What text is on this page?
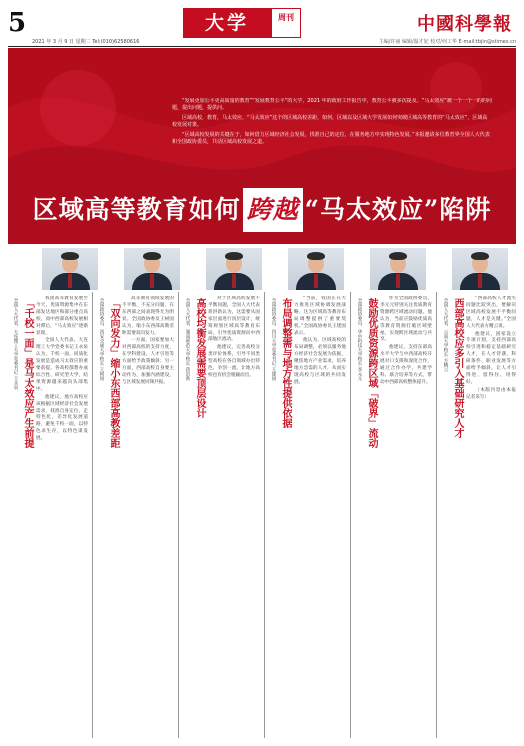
5
2021 年 3 月 9 日 星期二 Tel:(010)62580616
大学	周刊	中國科學報
主编/许丽 编辑/温才妃 校对/何工华 E-mail:tbjin@stimes.cn

“发展更加公平更高质量的教育”“发展教育公平”的大学，2021 年的政府工作报告中，教育公平被多次提及。“马太效应”被一个一个一的的问题，提出问题，提供问。

区域高校，教育，马太效应，“马太效应”这个的区域高校差距，如何，区域以及区域大学发展如何突破区域高等教育的“马太效应”，区域高校发展对策。

“区域高校发展的关键在于，如何借力区域经济社会发展，找准自己的定位，在服务地方中实现特色发展。”本报邀请多位教育界全国人大代表和全国政协委员，共话区域高校发展之道。

区域高等教育如何 跨越 “马太效应”陷阱
「千校一面」是马太效应产生前提
全国人大代表、大连理工大学党委书记 王永泉	我国高等教育发展至今天，优质资源集中在东部发达地区和部分重点高校，而中西部高校发展相对滞后，“马太效应”逐渐显现。

全国人大代表、大连理工大学党委书记王永泉认为，千校一面、同质化发展是造成马太效应的重要前提。各高校都想办成综合性、研究型大学，结果资源越来越向头部集中。

他建议，地方高校应该根据区域经济社会发展需求，找准自身定位，走特色化、差异化发展道路，避免千校一面，以特色求生存，以特色谋发展。	「双向发力」缩小东西部高教差距
全国政协委员、西安交通大学校长 王树国	高等教育领域发展的不平衡，不充分问题，在东西部之间表现得尤为明显。全国政协委员王树国认为，缩小东西部高教差距需要双向发力。

一方面，国家要加大对西部高校的支持力度，在学科建设、人才引进等方面给予政策倾斜；另一方面，西部高校自身要主动作为，加强内涵建设，与区域发展同频共振。	高校均衡发展需要顶层设计
全国人大代表、湖南师范大学校长 蒋洪新	对于区域高校发展不平衡问题，全国人大代表蒋洪新认为，这需要从国家层面进行顶层设计，统筹规划区域高等教育布局，引导优质资源向中西部地区流动。

他建议，完善高校分类评价体系，引导不同类型高校在各自领域办出特色、争创一流，让地方高校也有机会脱颖而出。	布局调整需与地方性提供依据
全国政协委员、四川大学党委书记 王建国	“当前，我国正在大力推进区域协调发展战略，这为区域高等教育布局调整提供了重要契机。”全国政协委员王建国表示。

他认为，区域高校的布局调整，必须以服务地方经济社会发展为依据，聚焦地方产业需求，培养地方急需的人才，从而实现高校与区域的共同发展。	鼓励优质资源跨区域「破界」流动
全国政协委员、华中科技大学校长 李元元	作为全国政协委员，李元元特别关注优质教育资源跨区域流动问题。他认为，当前应鼓励优质高等教育资源打破区域壁垒，实现跨区域流动与共享。

他建议，支持东部高水平大学与中西部高校开展对口支援和深度合作，通过合作办学、共建学科、联合培养等方式，带动中西部高校整体提升。 西部高校应多引入基础研究人才
全国人大代表、云南大学校长 方精云	“西部高校人才流失问题比较突出，要解决区域高校发展不平衡问题，人才是关键。”全国人大代表方精云说。

他建议，国家设立专项计划，支持西部高校引进和稳定基础研究人才，在人才待遇、科研条件、职业发展等方面给予倾斜，让人才引得进、留得住、用得好。

（本版内容由本报记者采写）
